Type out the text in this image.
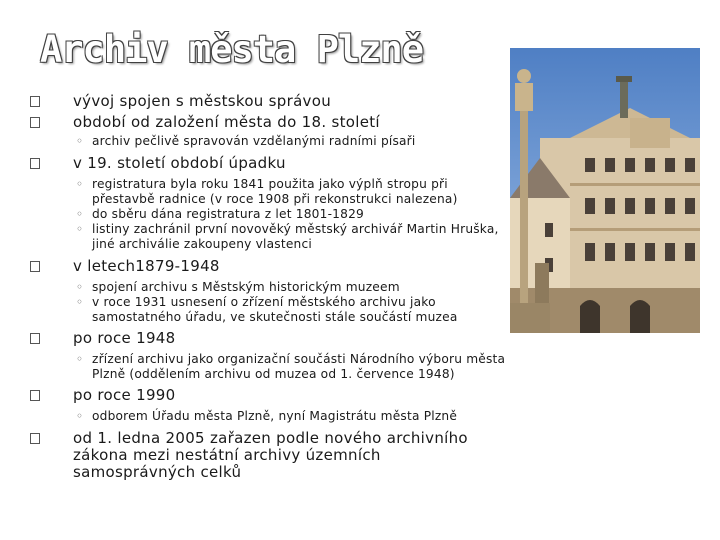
Archiv města Plzně
vývoj spojen s městskou správou
období od založení města do 18. století
◦ archiv pečlivě spravován vzdělanými radními písaři
v 19. století období úpadku
◦ registratura byla roku 1841 použita jako výplň stropu při přestavbě radnice (v roce 1908 při rekonstrukci nalezena)
◦ do sběru dána registratura z let 1801-1829
◦ listiny zachránil první novověký městský archivář Martin Hruška, jiné archiválie zakoupeny vlastenci
v letech1879-1948
◦ spojení archivu s Městským historickým muzeem
◦ v roce 1931 usnesení o zřízení městského archivu jako samostatného úřadu, ve skutečnosti stále součástí muzea
po roce 1948
◦ zřízení archivu jako organizační součásti Národního výboru města Plzně (oddělením archivu od muzea od 1. července 1948)
po roce 1990
◦ odborem Úřadu města Plzně, nyní Magistrátu města Plzně
od 1. ledna 2005 zařazen podle nového archivního zákona mezi nestátní archivy územních samosprávných celků
